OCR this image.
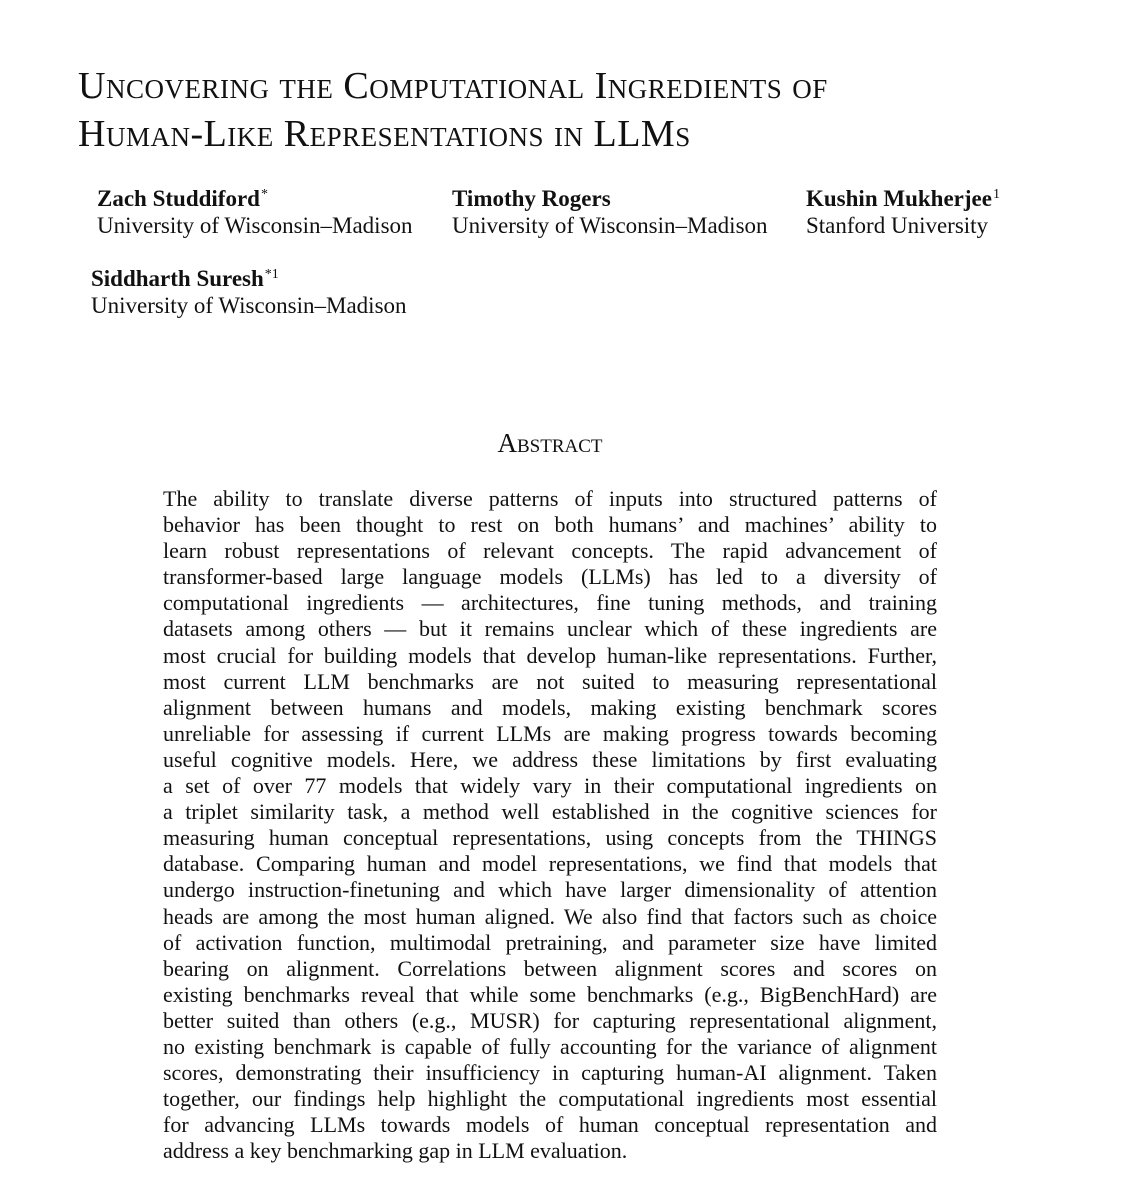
Uncovering the Computational Ingredients of
Human-Like Representations in LLMs
Zach Studdiford*
University of Wisconsin–Madison
Timothy Rogers
University of Wisconsin–Madison
Kushin Mukherjee$^1$
Stanford University
Siddharth Suresh$^{*1}$
University of Wisconsin–Madison
Abstract
The ability to translate diverse patterns of inputs into structured patterns of
behavior has been thought to rest on both humans’ and machines’ ability to
learn robust representations of relevant concepts. The rapid advancement of
transformer-based large language models (LLMs) has led to a diversity of
computational ingredients — architectures, fine tuning methods, and training
datasets among others — but it remains unclear which of these ingredients are
most crucial for building models that develop human-like representations. Further,
most current LLM benchmarks are not suited to measuring representational
alignment between humans and models, making existing benchmark scores
unreliable for assessing if current LLMs are making progress towards becoming
useful cognitive models. Here, we address these limitations by first evaluating
a set of over 77 models that widely vary in their computational ingredients on
a triplet similarity task, a method well established in the cognitive sciences for
measuring human conceptual representations, using concepts from the THINGS
database. Comparing human and model representations, we find that models that
undergo instruction-finetuning and which have larger dimensionality of attention
heads are among the most human aligned. We also find that factors such as choice
of activation function, multimodal pretraining, and parameter size have limited
bearing on alignment. Correlations between alignment scores and scores on
existing benchmarks reveal that while some benchmarks (e.g., BigBenchHard) are
better suited than others (e.g., MUSR) for capturing representational alignment,
no existing benchmark is capable of fully accounting for the variance of alignment
scores, demonstrating their insufficiency in capturing human-AI alignment. Taken
together, our findings help highlight the computational ingredients most essential
for advancing LLMs towards models of human conceptual representation and
address a key benchmarking gap in LLM evaluation.
